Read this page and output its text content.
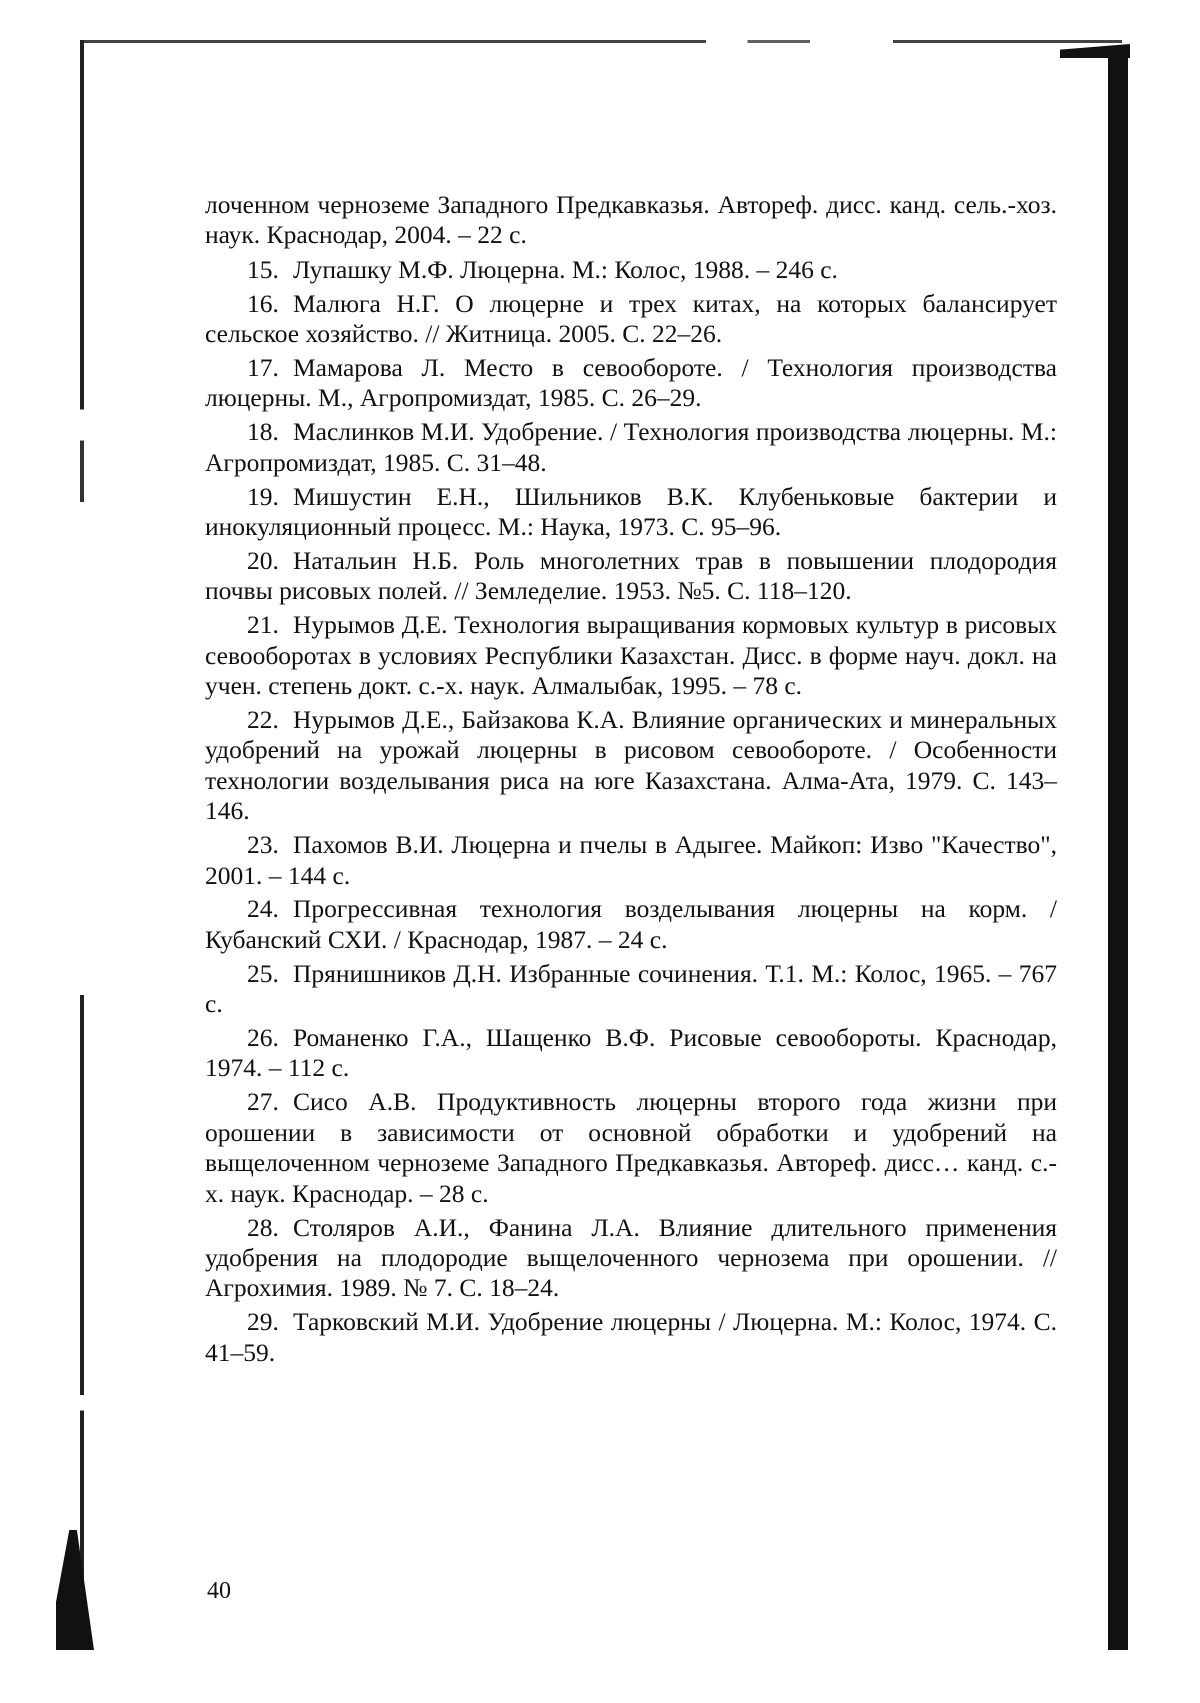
лоченном черноземе Западного Предкавказья. Автореф. дисс. канд. сель.-хоз. наук. Краснодар, 2004. – 22 с.

15. Лупашку М.Ф. Люцерна. М.: Колос, 1988. – 246 с.

16. Малюга Н.Г. О люцерне и трех китах, на которых балансирует сельское хозяйство. // Житница. 2005. С. 22–26.

17. Мамарова Л. Место в севообороте. / Технология производства люцерны. М., Агропромиздат, 1985. С. 26–29.

18. Маслинков М.И. Удобрение. / Технология производства люцерны. М.: Агропромиздат, 1985. С. 31–48.

19. Мишустин Е.Н., Шильников В.К. Клубеньковые бактерии и инокуляционный процесс. М.: Наука, 1973. С. 95–96.

20. Натальин Н.Б. Роль многолетних трав в повышении плодородия почвы рисовых полей. // Земледелие. 1953. №5. С. 118–120.

21. Нурымов Д.Е. Технология выращивания кормовых культур в рисовых севооборотах в условиях Республики Казахстан. Дисс. в форме науч. докл. на учен. степень докт. с.-х. наук. Алмалыбак, 1995. – 78 с.

22. Нурымов Д.Е., Байзакова К.А. Влияние органических и минеральных удобрений на урожай люцерны в рисовом севообороте. / Особенности технологии возделывания риса на юге Казахстана. Алма-Ата, 1979. С. 143–146.

23. Пахомов В.И. Люцерна и пчелы в Адыгее. Майкоп: Изво "Качество", 2001. – 144 с.

24. Прогрессивная технология возделывания люцерны на корм. / Кубанский СХИ. / Краснодар, 1987. – 24 с.

25. Прянишников Д.Н. Избранные сочинения. Т.1. М.: Колос, 1965. – 767 с.

26. Романенко Г.А., Шащенко В.Ф. Рисовые севообороты. Краснодар, 1974. – 112 с.

27. Сисо А.В. Продуктивность люцерны второго года жизни при орошении в зависимости от основной обработки и удобрений на выщелоченном черноземе Западного Предкавказья. Автореф. дисс… канд. с.-х. наук. Краснодар. – 28 с.

28. Столяров А.И., Фанина Л.А. Влияние длительного применения удобрения на плодородие выщелоченного чернозема при орошении. // Агрохимия. 1989. № 7. С. 18–24.

29. Тарковский М.И. Удобрение люцерны / Люцерна. М.: Колос, 1974. С. 41–59.

40
